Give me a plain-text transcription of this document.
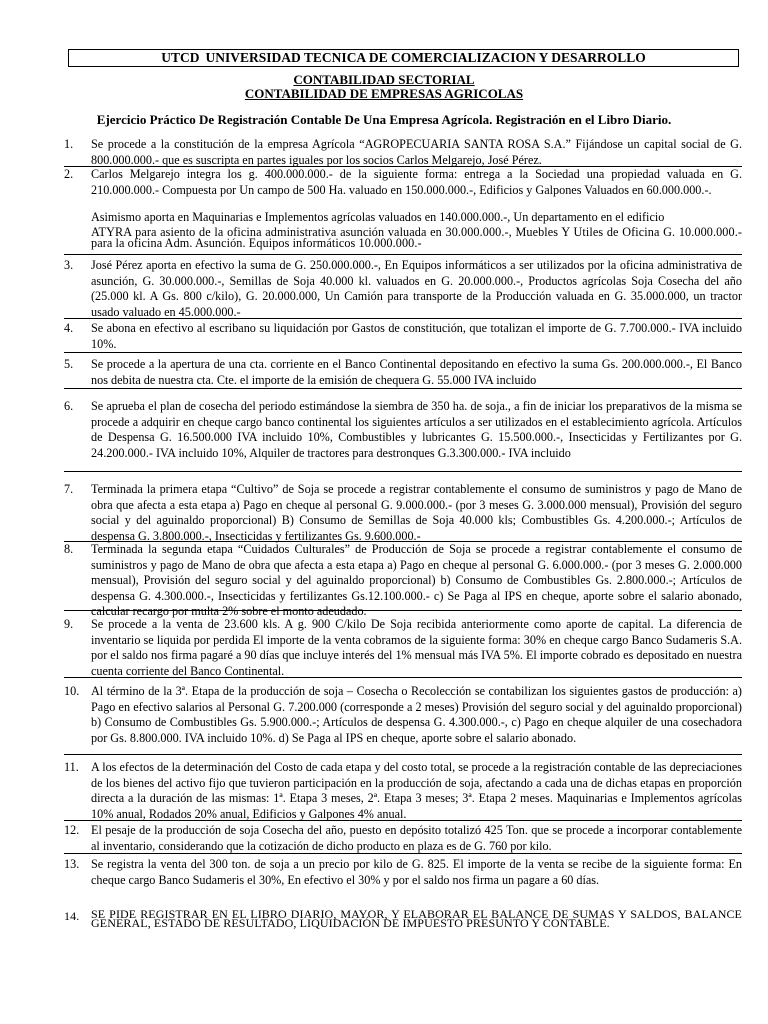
UTCD UNIVERSIDAD TECNICA DE COMERCIALIZACION Y DESARROLLO
CONTABILIDAD SECTORIAL
CONTABILIDAD DE EMPRESAS AGRICOLAS
Ejercicio Práctico De Registración Contable De Una Empresa Agrícola. Registración en el Libro Diario.
1.	Se procede a la constitución de la empresa Agrícola “AGROPECUARIA SANTA ROSA S.A.” Fijándose un capital social de G. 800.000.000.- que es suscripta en partes iguales por los socios Carlos Melgarejo, José Pérez.
2.	Carlos Melgarejo integra los g. 400.000.000.- de la siguiente forma: entrega a la Sociedad una propiedad valuada en G. 210.000.000.- Compuesta por Un campo de 500 Ha. valuado en 150.000.000.-, Edificios y Galpones Valuados en 60.000.000.-.
Asimismo aporta en Maquinarias e Implementos agrícolas valuados en 140.000.000.-, Un departamento en el edificio
ATYRA para asiento de la oficina administrativa asunción valuada en 30.000.000.-, Muebles Y Utiles de Oficina G. 10.000.000.- para la oficina Adm. Asunción. Equipos informáticos 10.000.000.-
3.	José Pérez aporta en efectivo la suma de G. 250.000.000.-, En Equipos informáticos a ser utilizados por la oficina administrativa de asunción, G. 30.000.000.-, Semillas de Soja 40.000 kl. valuados en G. 20.000.000.-, Productos agrícolas Soja Cosecha del año (25.000 kl. A Gs. 800 c/kilo), G. 20.000.000, Un Camión para transporte de la Producción valuada en G. 35.000.000, un tractor usado valuado en 45.000.000.-
4.	Se abona en efectivo al escribano su liquidación por Gastos de constitución, que totalizan el importe de G. 7.700.000.- IVA incluido 10%.
5.	Se procede a la apertura de una cta. corriente en el Banco Continental depositando en efectivo la suma Gs. 200.000.000.-, El Banco nos debita de nuestra cta. Cte. el importe de la emisión de chequera G. 55.000 IVA incluido
6.	Se aprueba el plan de cosecha del periodo estimándose la siembra de 350 ha. de soja., a fin de iniciar los preparativos de la misma se procede a adquirir en cheque cargo banco continental los siguientes artículos a ser utilizados en el establecimiento agrícola. Artículos de Despensa G. 16.500.000 IVA incluido 10%, Combustibles y lubricantes G. 15.500.000.-, Insecticidas y Fertilizantes por G. 24.200.000.- IVA incluido 10%, Alquiler de tractores para destronques G.3.300.000.- IVA incluido
7.	Terminada la primera etapa “Cultivo” de Soja se procede a registrar contablemente el consumo de suministros y pago de Mano de obra que afecta a esta etapa a) Pago en cheque al personal G. 9.000.000.- (por 3 meses G. 3.000.000 mensual), Provisión del seguro social y del aguinaldo proporcional) B) Consumo de Semillas de Soja 40.000 kls; Combustibles Gs. 4.200.000.-; Artículos de despensa G. 3.800.000.-, Insecticidas y fertilizantes Gs. 9.600.000.-
8.	Terminada la segunda etapa “Cuidados Culturales” de Producción de Soja se procede a registrar contablemente el consumo de suministros y pago de Mano de obra que afecta a esta etapa a) Pago en cheque al personal G. 6.000.000.- (por 3 meses G. 2.000.000 mensual), Provisión del seguro social y del aguinaldo proporcional) b) Consumo de Combustibles Gs. 2.800.000.-; Artículos de despensa G. 4.300.000.-, Insecticidas y fertilizantes Gs.12.100.000.- c) Se Paga al IPS en cheque, aporte sobre el salario abonado, calcular recargo por multa 2% sobre el monto adeudado.
9.	Se procede a la venta de 23.600 kls. A g. 900 C/kilo De Soja recibida anteriormente como aporte de capital. La diferencia de inventario se liquida por perdida El importe de la venta cobramos de la siguiente forma: 30% en cheque cargo Banco Sudameris S.A. por el saldo nos firma pagaré a 90 días que incluye interés del 1% mensual más IVA 5%. El importe cobrado es depositado en nuestra cuenta corriente del Banco Continental.
10. Al término de la 3ª. Etapa de la producción de soja – Cosecha o Recolección se contabilizan los siguientes gastos de producción: a) Pago en efectivo salarios al Personal G. 7.200.000 (corresponde a 2 meses) Provisión del seguro social y del aguinaldo proporcional) b) Consumo de Combustibles Gs. 5.900.000.-; Artículos de despensa G. 4.300.000.-, c) Pago en cheque alquiler de una cosechadora por Gs. 8.800.000. IVA incluido 10%. d) Se Paga al IPS en cheque, aporte sobre el salario abonado.
11.	A los efectos de la determinación del Costo de cada etapa y del costo total, se procede a la registración contable de las depreciaciones de los bienes del activo fijo que tuvieron participación en la producción de soja, afectando a cada una de dichas etapas en proporción directa a la duración de las mismas: 1ª. Etapa 3 meses, 2ª. Etapa 3 meses; 3ª. Etapa 2 meses. Maquinarias e Implementos agrícolas 10% anual, Rodados 20% anual, Edificios y Galpones 4% anual.
12. El pesaje de la producción de soja Cosecha del año, puesto en depósito totalizó 425 Ton. que se procede a incorporar contablemente al inventario, considerando que la cotización de dicho producto en plaza es de G. 760 por kilo.
13. Se registra la venta del 300 ton. de soja a un precio por kilo de G. 825. El importe de la venta se recibe de la siguiente forma: En cheque cargo Banco Sudameris el 30%, En efectivo el 30% y por el saldo nos firma un pagare a 60 días.
14. SE PIDE REGISTRAR EN EL LIBRO DIARIO, MAYOR, Y ELABORAR EL BALANCE DE SUMAS Y SALDOS, BALANCE GENERAL, ESTADO DE RESULTADO, LIQUIDACIÓN DE IMPUESTO PRESUNTO Y CONTABLE.
